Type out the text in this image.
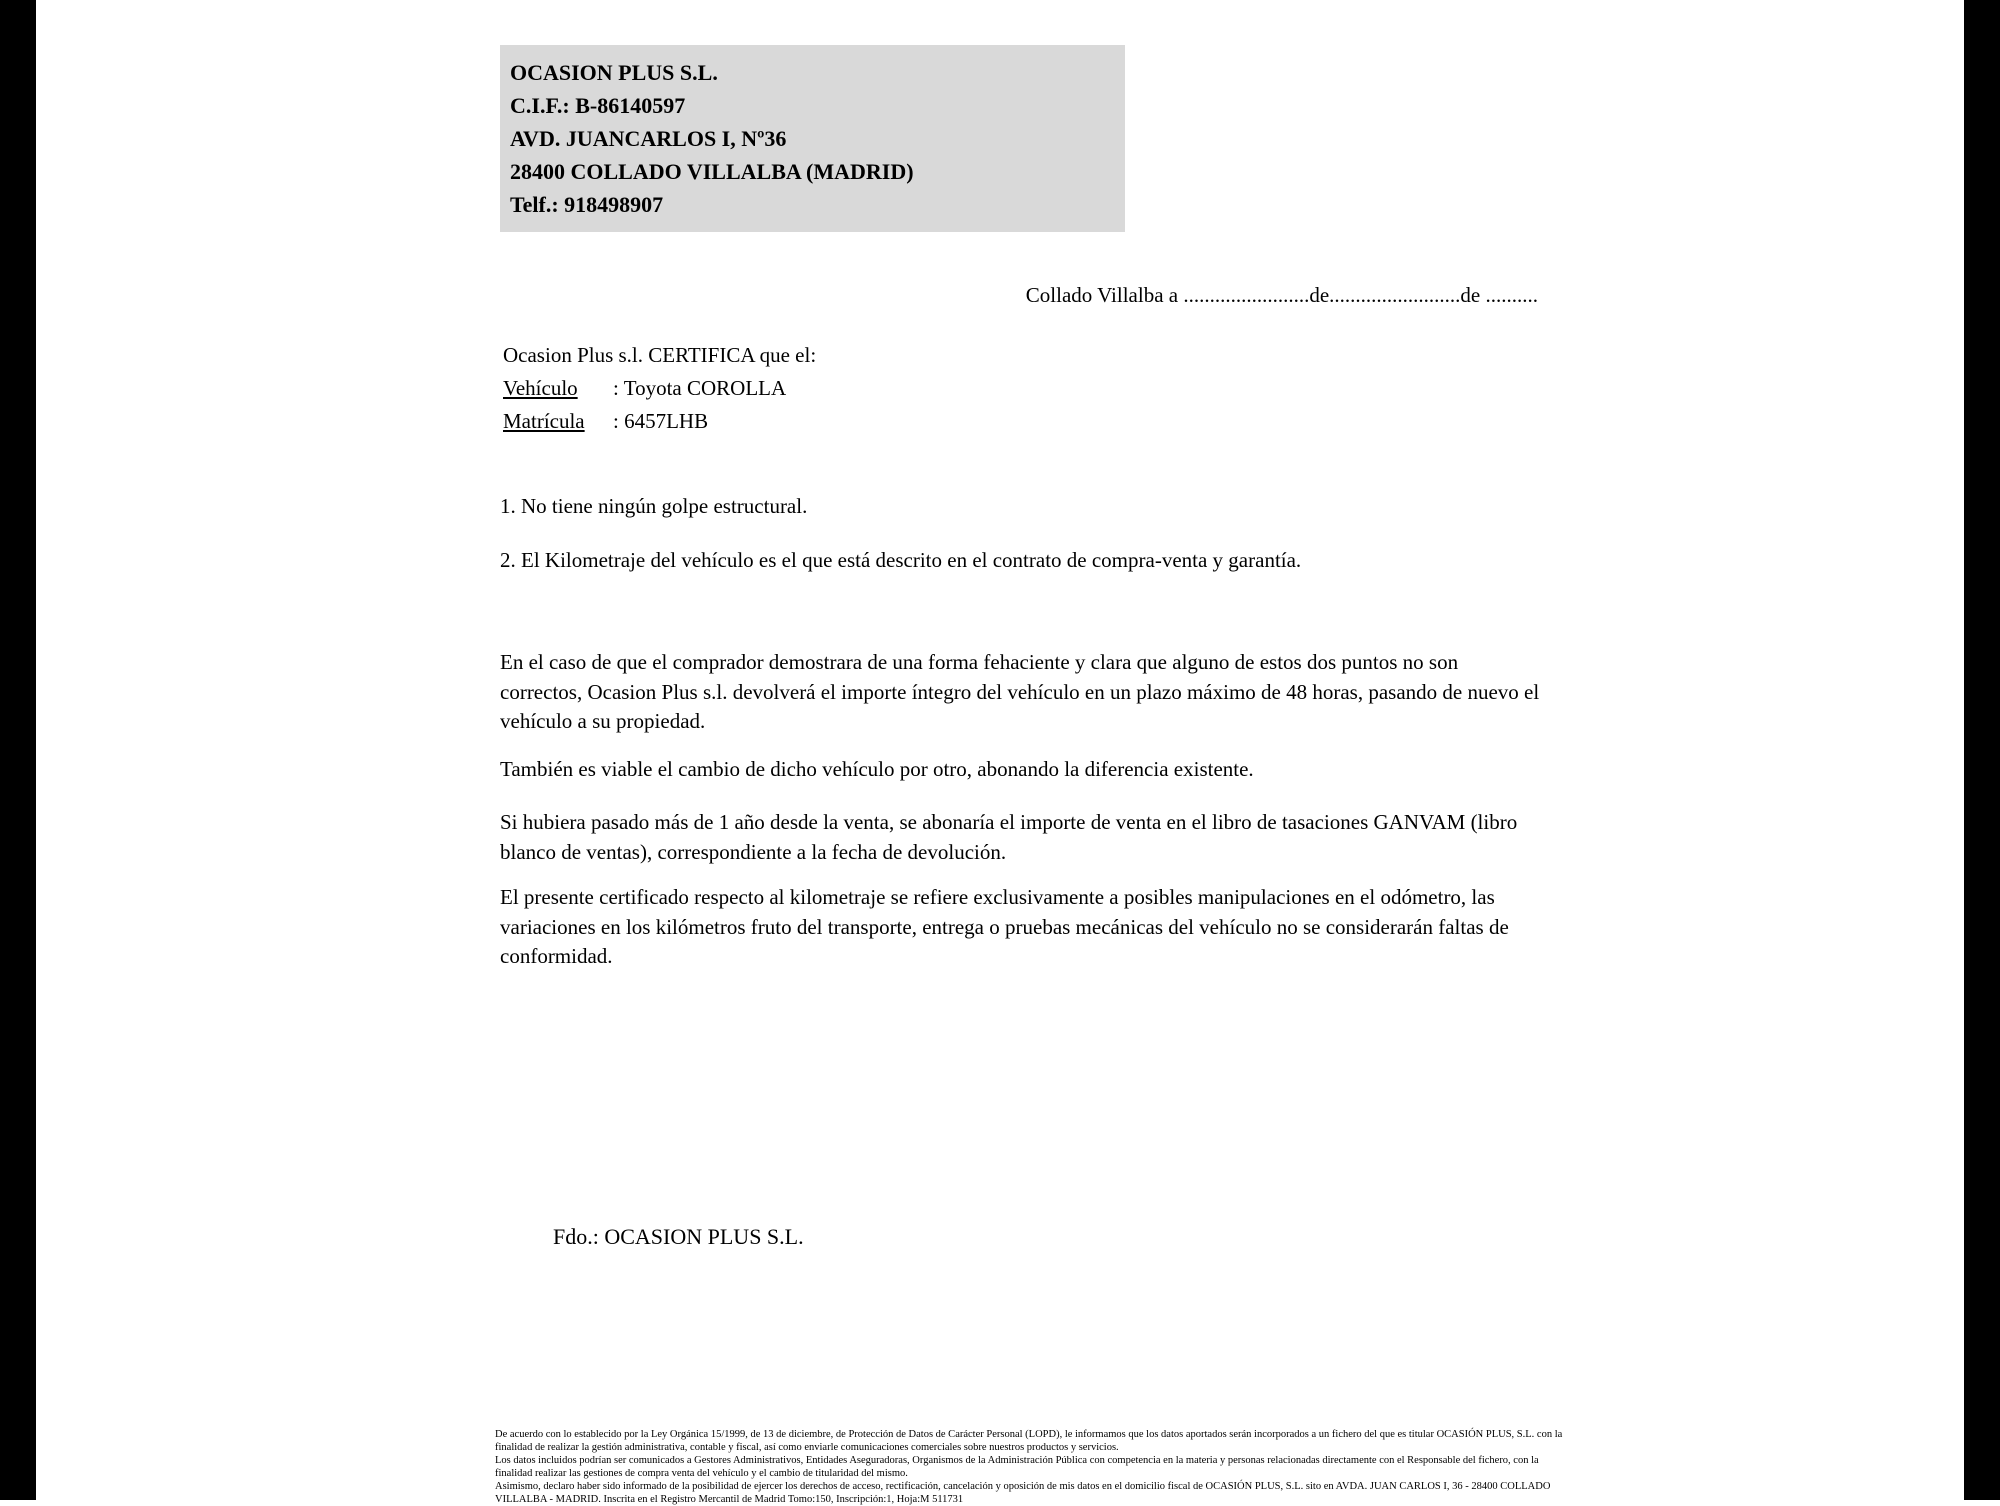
OCASION PLUS S.L.
C.I.F.: B-86140597
AVD. JUANCARLOS I, Nº36
28400 COLLADO VILLALBA (MADRID)
Telf.: 918498907
Collado Villalba a ........................de.........................de ..........
Ocasion Plus s.l. CERTIFICA que el:
Vehículo : Toyota COROLLA
Matrícula : 6457LHB
1. No tiene ningún golpe estructural.
2. El Kilometraje del vehículo es el que está descrito en el contrato de compra-venta y garantía.
En el caso de que el comprador demostrara de una forma fehaciente y clara que alguno de estos dos puntos no son correctos, Ocasion Plus s.l. devolverá el importe íntegro del vehículo en un plazo máximo de 48 horas, pasando de nuevo el vehículo a su propiedad.
También es viable el cambio de dicho vehículo por otro, abonando la diferencia existente.
Si hubiera pasado más de 1 año desde la venta, se abonaría el importe de venta en el libro de tasaciones GANVAM (libro blanco de ventas), correspondiente a la fecha de devolución.
El presente certificado respecto al kilometraje se refiere exclusivamente a posibles manipulaciones en el odómetro, las variaciones en los kilómetros fruto del transporte, entrega o pruebas mecánicas del vehículo no se considerarán faltas de conformidad.
Fdo.: OCASION PLUS S.L.

De acuerdo con lo establecido por la Ley Orgánica 15/1999, de 13 de diciembre, de Protección de Datos de Carácter Personal (LOPD), le informamos que los datos aportados serán incorporados a un fichero del que es titular OCASIÓN PLUS, S.L. con la finalidad de realizar la gestión administrativa, contable y fiscal, así como enviarle comunicaciones comerciales sobre nuestros productos y servicios.

Los datos incluidos podrían ser comunicados a Gestores Administrativos, Entidades Aseguradoras, Organismos de la Administración Pública con competencia en la materia y personas relacionadas directamente con el Responsable del fichero, con la finalidad realizar las gestiones de compra venta del vehículo y el cambio de titularidad del mismo.

Asimismo, declaro haber sido informado de la posibilidad de ejercer los derechos de acceso, rectificación, cancelación y oposición de mis datos en el domicilio fiscal de OCASIÓN PLUS, S.L. sito en AVDA. JUAN CARLOS I, 36 - 28400 COLLADO VILLALBA - MADRID. Inscrita en el Registro Mercantil de Madrid Tomo:150, Inscripción:1, Hoja:M 511731
